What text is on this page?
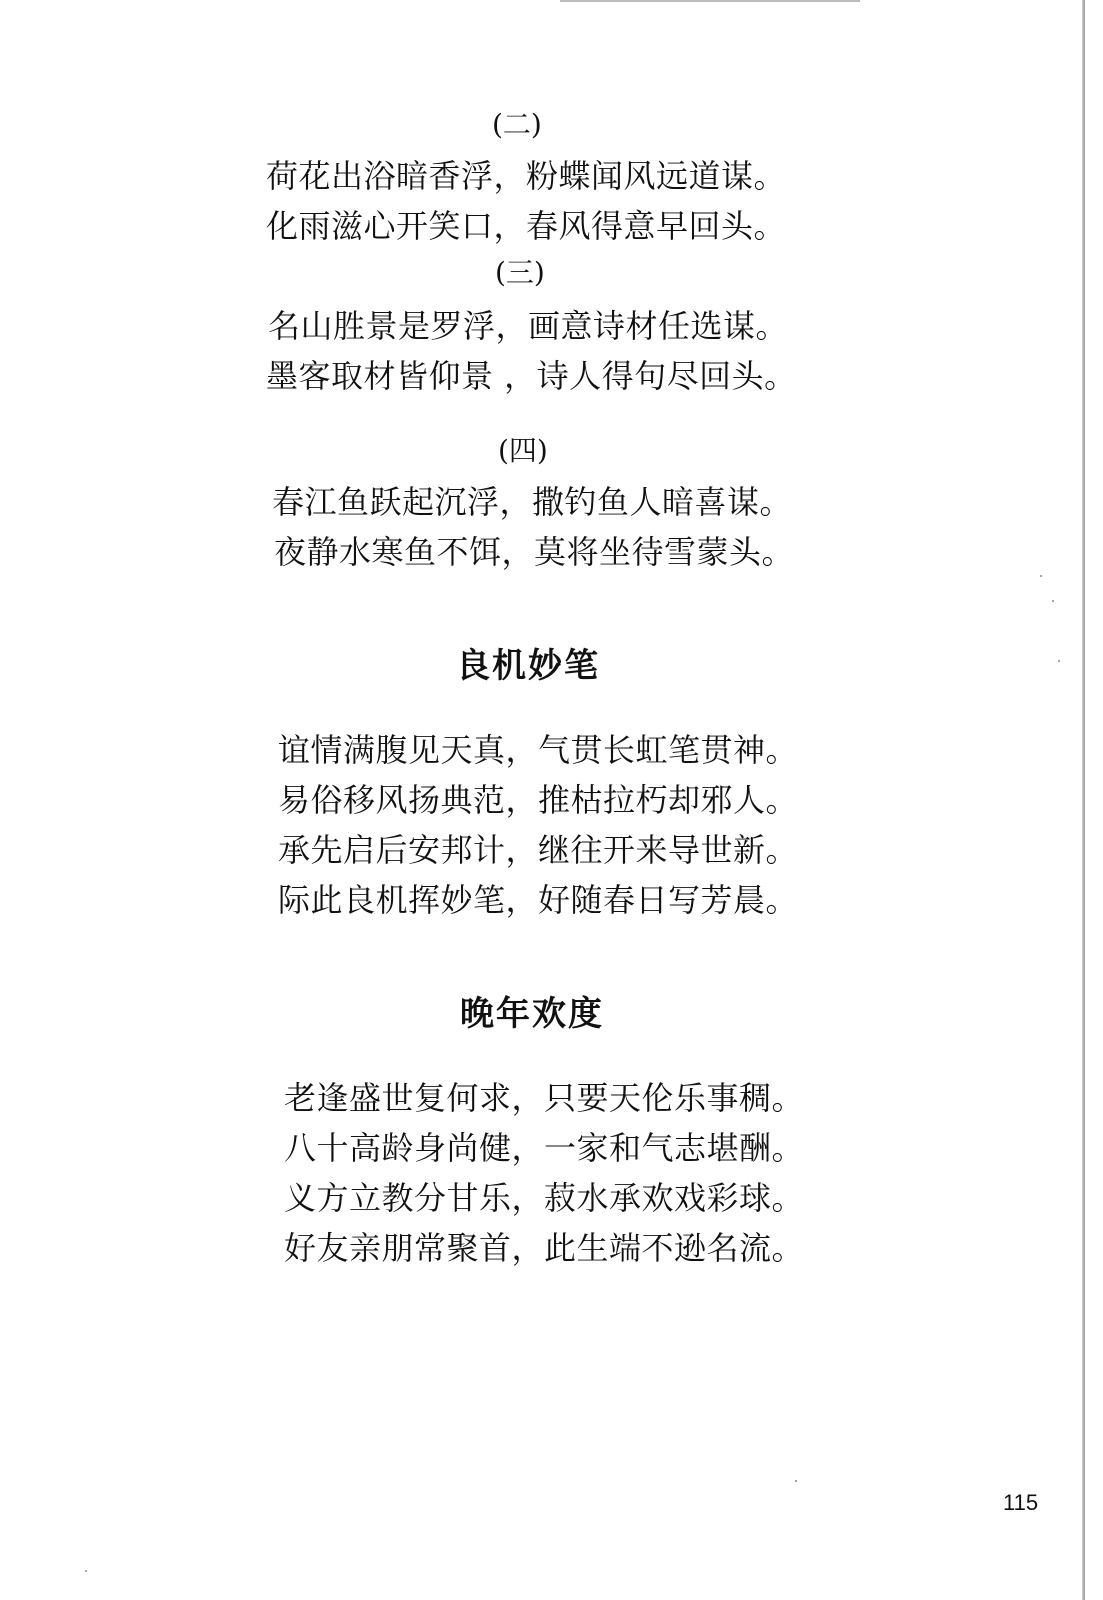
(二)
荷花出浴暗香浮，粉蝶闻风远道谋。
化雨滋心开笑口，春风得意早回头。
(三)
名山胜景是罗浮，画意诗材任选谋。
墨客取材皆仰景 ，诗人得句尽回头。
(四)
春江鱼跃起沉浮，撒钓鱼人暗喜谋。
夜静水寒鱼不饵，莫将坐待雪蒙头。
良机妙笔
谊情满腹见天真，气贯长虹笔贯神。
易俗移风扬典范，推枯拉朽却邪人。
承先启后安邦计，继往开来导世新。
际此良机挥妙笔，好随春日写芳晨。
晚年欢度
老逢盛世复何求，只要天伦乐事稠。
八十高龄身尚健，一家和气志堪酬。
义方立教分甘乐，菽水承欢戏彩球。
好友亲朋常聚首，此生端不逊名流。
115
